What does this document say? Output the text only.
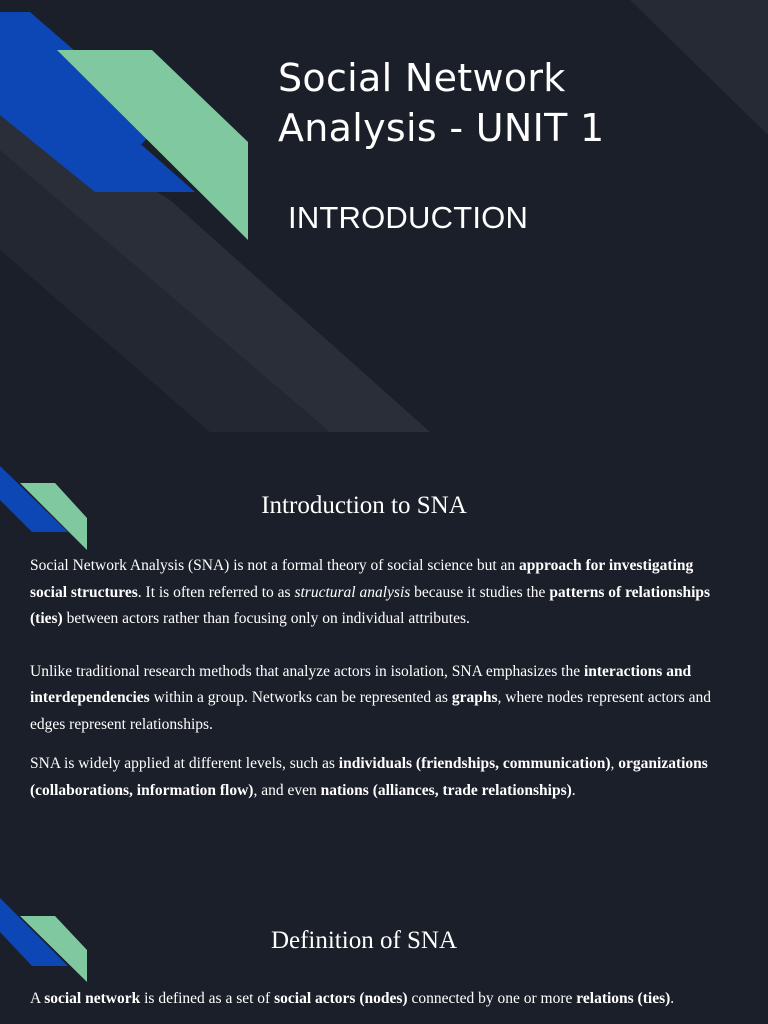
Social Network
Analysis - UNIT 1
INTRODUCTION
Introduction to SNA

Social Network Analysis (SNA) is not a formal theory of social science but an approach for investigating social structures. It is often referred to as structural analysis because it studies the patterns of relationships (ties) between actors rather than focusing only on individual attributes.

Unlike traditional research methods that analyze actors in isolation, SNA emphasizes the interactions and interdependencies within a group. Networks can be represented as graphs, where nodes represent actors and edges represent relationships.

SNA is widely applied at different levels, such as individuals (friendships, communication), organizations (collaborations, information flow), and even nations (alliances, trade relationships).

Definition of SNA

A social network is defined as a set of social actors (nodes) connected by one or more relations (ties).
